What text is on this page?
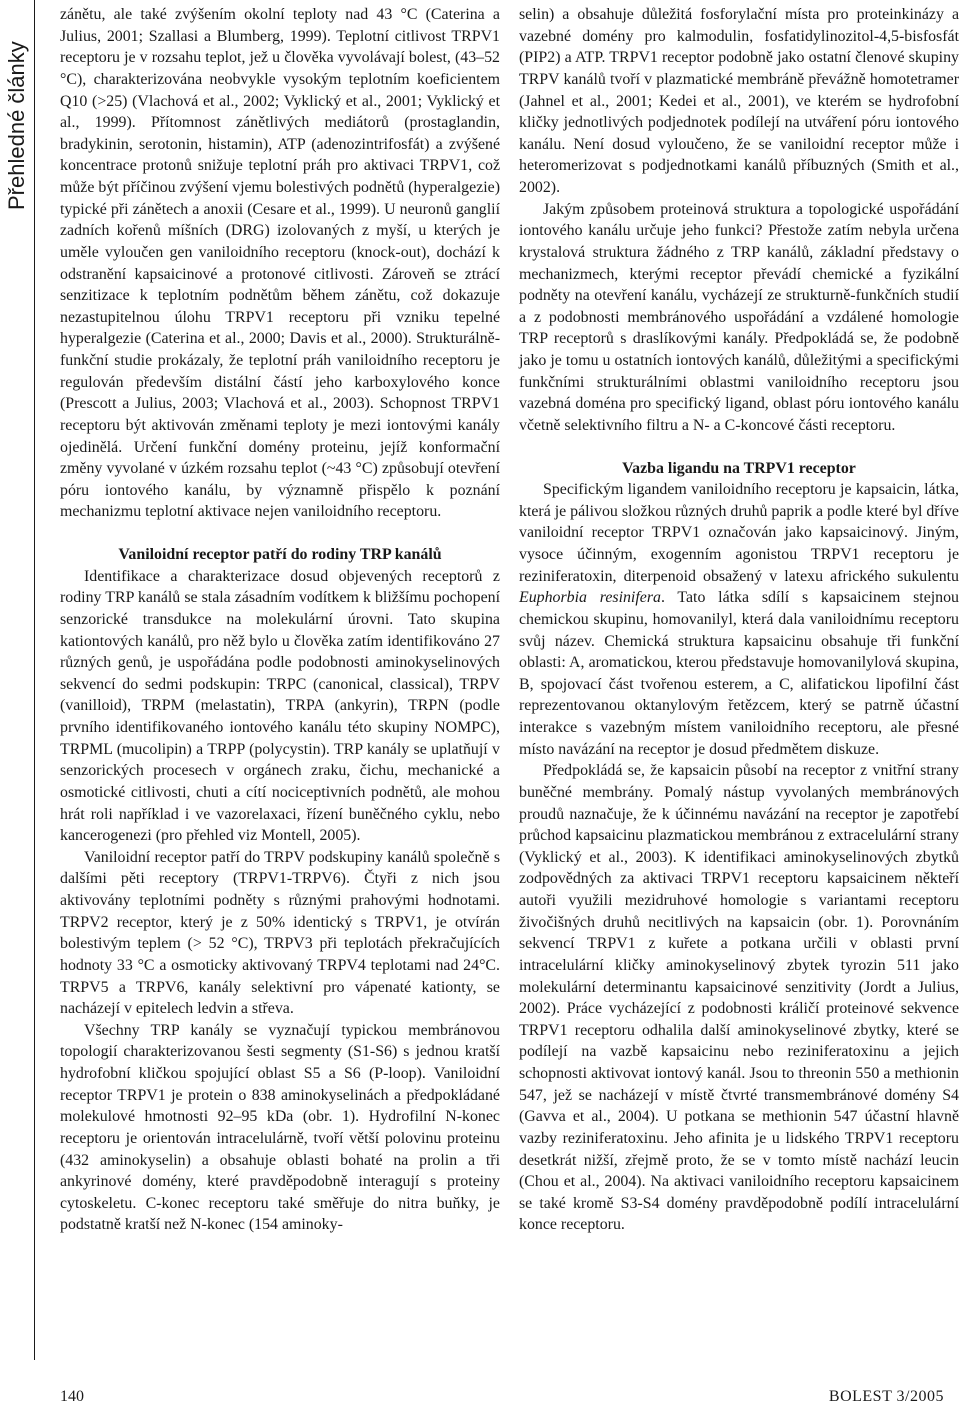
Přehledné články

zánětu, ale také zvýšením okolní teploty nad 43 °C (Caterina a Julius, 2001; Szallasi a Blumberg, 1999). Teplotní citlivost TRPV1 receptoru je v rozsahu teplot, jež u člověka vyvolávají bolest, (43–52 °C), charakterizována neobvykle vysokým teplotním koeficientem Q10 (>25) (Vlachová et al., 2002; Vyklický et al., 2001; Vyklický et al., 1999). Přítomnost zánětlivých mediátorů (prostaglandin, bradykinin, serotonin, histamin), ATP (adenozintrifosfát) a zvýšené koncentrace protonů snižuje teplotní práh pro aktivaci TRPV1, což může být příčinou zvýšení vjemu bolestivých podnětů (hyperalgezie) typické při zánětech a anoxii (Cesare et al., 1999). U neuronů ganglií zadních kořenů míšních (DRG) izolovaných z myší, u kterých je uměle vyloučen gen vaniloidního receptoru (knock-out), dochází k odstranění kapsaicinové a protonové citlivosti. Zároveň se ztrácí senzitizace k teplotním podnětům během zánětu, což dokazuje nezastupitelnou úlohu TRPV1 receptoru při vzniku tepelné hyperalgezie (Caterina et al., 2000; Davis et al., 2000). Strukturálně-funkční studie prokázaly, že teplotní práh vaniloidního receptoru je regulován především distální částí jeho karboxylového konce (Prescott a Julius, 2003; Vlachová et al., 2003). Schopnost TRPV1 receptoru být aktivován změnami teploty je mezi iontovými kanály ojedinělá. Určení funkční domény proteinu, jejíž konformační změny vyvolané v úzkém rozsahu teplot (~43 °C) způsobují otevření póru iontového kanálu, by významně přispělo k poznání mechanizmu teplotní aktivace nejen vaniloidního receptoru.

Vaniloidní receptor patří do rodiny TRP kanálů

Identifikace a charakterizace dosud objevených receptorů z rodiny TRP kanálů se stala zásadním vodítkem k bližšímu pochopení senzorické transdukce na molekulární úrovni. Tato skupina kationtových kanálů, pro něž bylo u člověka zatím identifikováno 27 různých genů, je uspořádána podle podobnosti aminokyselinových sekvencí do sedmi podskupin: TRPC (canonical, classical), TRPV (vanilloid), TRPM (melastatin), TRPA (ankyrin), TRPN (podle prvního identifikovaného iontového kanálu této skupiny NOMPC), TRPML (mucolipin) a TRPP (polycystin). TRP kanály se uplatňují v senzorických procesech v orgánech zraku, čichu, mechanické a osmotické citlivosti, chuti a cítí nociceptivních podnětů, ale mohou hrát roli například i ve vazorelaxaci, řízení buněčného cyklu, nebo kancerogenezi (pro přehled viz Montell, 2005).

Vaniloidní receptor patří do TRPV podskupiny kanálů společně s dalšími pěti receptory (TRPV1-TRPV6). Čtyři z nich jsou aktivovány teplotními podněty s různými prahovými hodnotami. TRPV2 receptor, který je z 50% identický s TRPV1, je otvírán bolestivým teplem (> 52 °C), TRPV3 při teplotách překračujících hodnoty 33 °C a osmoticky aktivovaný TRPV4 teplotami nad 24°C. TRPV5 a TRPV6, kanály selektivní pro vápenaté kationty, se nacházejí v epitelech ledvin a střeva.

Všechny TRP kanály se vyznačují typickou membránovou topologií charakterizovanou šesti segmenty (S1-S6) s jednou kratší hydrofobní kličkou spojující oblast S5 a S6 (P-loop). Vaniloidní receptor TRPV1 je protein o 838 aminokyselinách a předpokládané molekulové hmotnosti 92–95 kDa (obr. 1). Hydrofilní N-konec receptoru je orientován intracelulárně, tvoří větší polovinu proteinu (432 aminokyselin) a obsahuje oblasti bohaté na prolin a tři ankyrinové domény, které pravděpodobně interagují s proteiny cytoskeletu. C-konec receptoru také směřuje do nitra buňky, je podstatně kratší než N-konec (154 aminoky-

selin) a obsahuje důležitá fosforylační místa pro proteinkinázy a vazebné domény pro kalmodulin, fosfatidylinozitol-4,5-bisfosfát (PIP2) a ATP. TRPV1 receptor podobně jako ostatní členové skupiny TRPV kanálů tvoří v plazmatické membráně převážně homotetramer (Jahnel et al., 2001; Kedei et al., 2001), ve kterém se hydrofobní kličky jednotlivých podjednotek podílejí na utváření póru iontového kanálu. Není dosud vyloučeno, že se vaniloidní receptor může i heteromerizovat s podjednotkami kanálů příbuzných (Smith et al., 2002).

Jakým způsobem proteinová struktura a topologické uspořádání iontového kanálu určuje jeho funkci? Přestože zatím nebyla určena krystalová struktura žádného z TRP kanálů, základní představy o mechanizmech, kterými receptor převádí chemické a fyzikální podněty na otevření kanálu, vycházejí ze strukturně-funkčních studií a z podobnosti membránového uspořádání a vzdálené homologie TRP receptorů s draslíkovými kanály. Předpokládá se, že podobně jako je tomu u ostatních iontových kanálů, důležitými a specifickými funkčními strukturálními oblastmi vaniloidního receptoru jsou vazebná doména pro specifický ligand, oblast póru iontového kanálu včetně selektivního filtru a N- a C-koncové části receptoru.

Vazba ligandu na TRPV1 receptor

Specifickým ligandem vaniloidního receptoru je kapsaicin, látka, která je pálivou složkou různých druhů paprik a podle které byl dříve vaniloidní receptor TRPV1 označován jako kapsaicinový. Jiným, vysoce účinným, exogenním agonistou TRPV1 receptoru je reziniferatoxin, diterpenoid obsažený v latexu afrického sukulentu Euphorbia resinifera. Tato látka sdílí s kapsaicinem stejnou chemickou skupinu, homovanilyl, která dala vaniloidnímu receptoru svůj název. Chemická struktura kapsaicinu obsahuje tři funkční oblasti: A, aromatickou, kterou představuje homovanilylová skupina, B, spojovací část tvořenou esterem, a C, alifatickou lipofilní část reprezentovanou oktanylovým řetězcem, který se patrně účastní interakce s vazebným místem vaniloidního receptoru, ale přesné místo navázání na receptor je dosud předmětem diskuze.

Předpokládá se, že kapsaicin působí na receptor z vnitřní strany buněčné membrány. Pomalý nástup vyvolaných membránových proudů naznačuje, že k účinnému navázání na receptor je zapotřebí průchod kapsaicinu plazmatickou membránou z extracelulární strany (Vyklický et al., 2003). K identifikaci aminokyselinových zbytků zodpovědných za aktivaci TRPV1 receptoru kapsaicinem někteří autoři využili mezidruhové homologie s variantami receptoru živočišných druhů necitlivých na kapsaicin (obr. 1). Porovnáním sekvencí TRPV1 z kuřete a potkana určili v oblasti první intracelulární kličky aminokyselinový zbytek tyrozin 511 jako molekulární determinantu kapsaicinové senzitivity (Jordt a Julius, 2002). Práce vycházející z podobnosti králičí proteinové sekvence TRPV1 receptoru odhalila další aminokyselinové zbytky, které se podílejí na vazbě kapsaicinu nebo reziniferatoxinu a jejich schopnosti aktivovat iontový kanál. Jsou to threonin 550 a methionin 547, jež se nacházejí v místě čtvrté transmembránové domény S4 (Gavva et al., 2004). U potkana se methionin 547 účastní hlavně vazby reziniferatoxinu. Jeho afinita je u lidského TRPV1 receptoru desetkrát nižší, zřejmě proto, že se v tomto místě nachází leucin (Chou et al., 2004). Na aktivaci vaniloidního receptoru kapsaicinem se také kromě S3-S4 domény pravděpodobně podílí intracelulární konce receptoru.

140	BOLEST 3/2005
